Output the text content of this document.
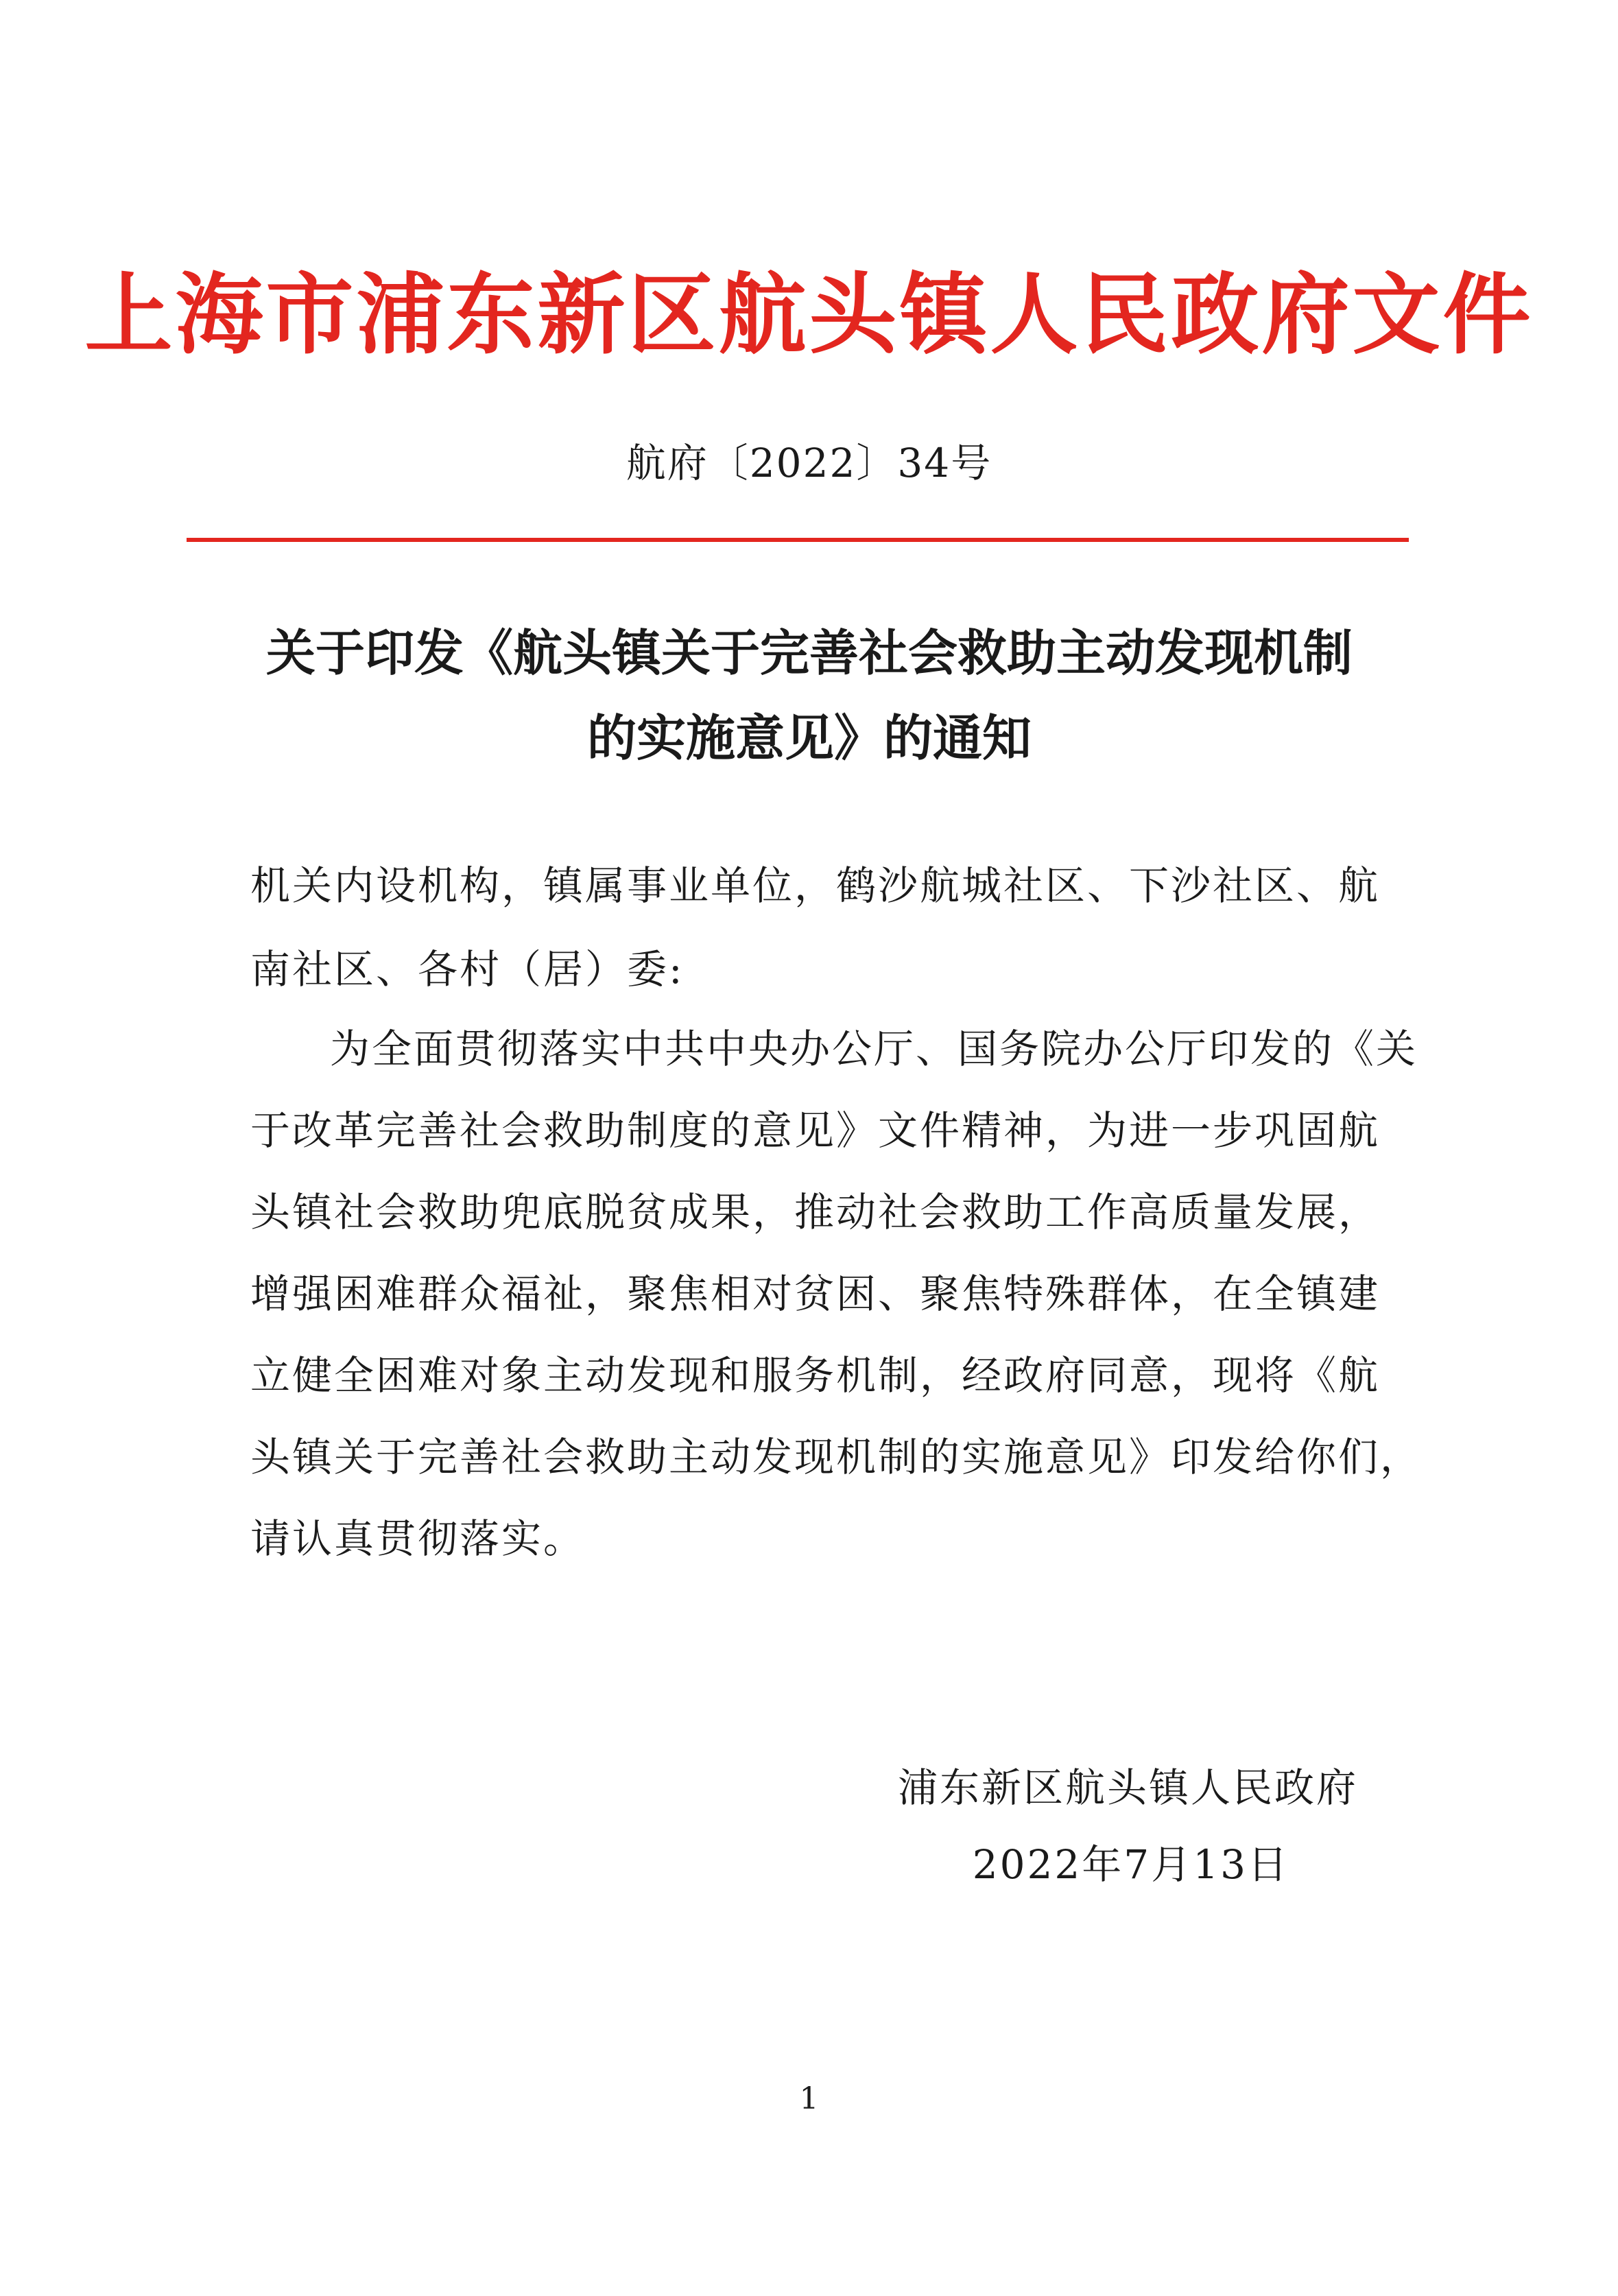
上海市浦东新区航头镇人民政府文件
航府〔2022〕34号
关于印发《航头镇关于完善社会救助主动发现机制
的实施意见》的通知
机关内设机构，镇属事业单位，鹤沙航城社区、下沙社区、航
南社区、各村（居）委:
为全面贯彻落实中共中央办公厅、国务院办公厅印发的《关
于改革完善社会救助制度的意见》文件精神，为进一步巩固航
头镇社会救助兜底脱贫成果，推动社会救助工作高质量发展，
增强困难群众福祉，聚焦相对贫困、聚焦特殊群体，在全镇建
立健全困难对象主动发现和服务机制，经政府同意，现将《航
头镇关于完善社会救助主动发现机制的实施意见》印发给你们，
请认真贯彻落实。
浦东新区航头镇人民政府
2022年7月13日
1
